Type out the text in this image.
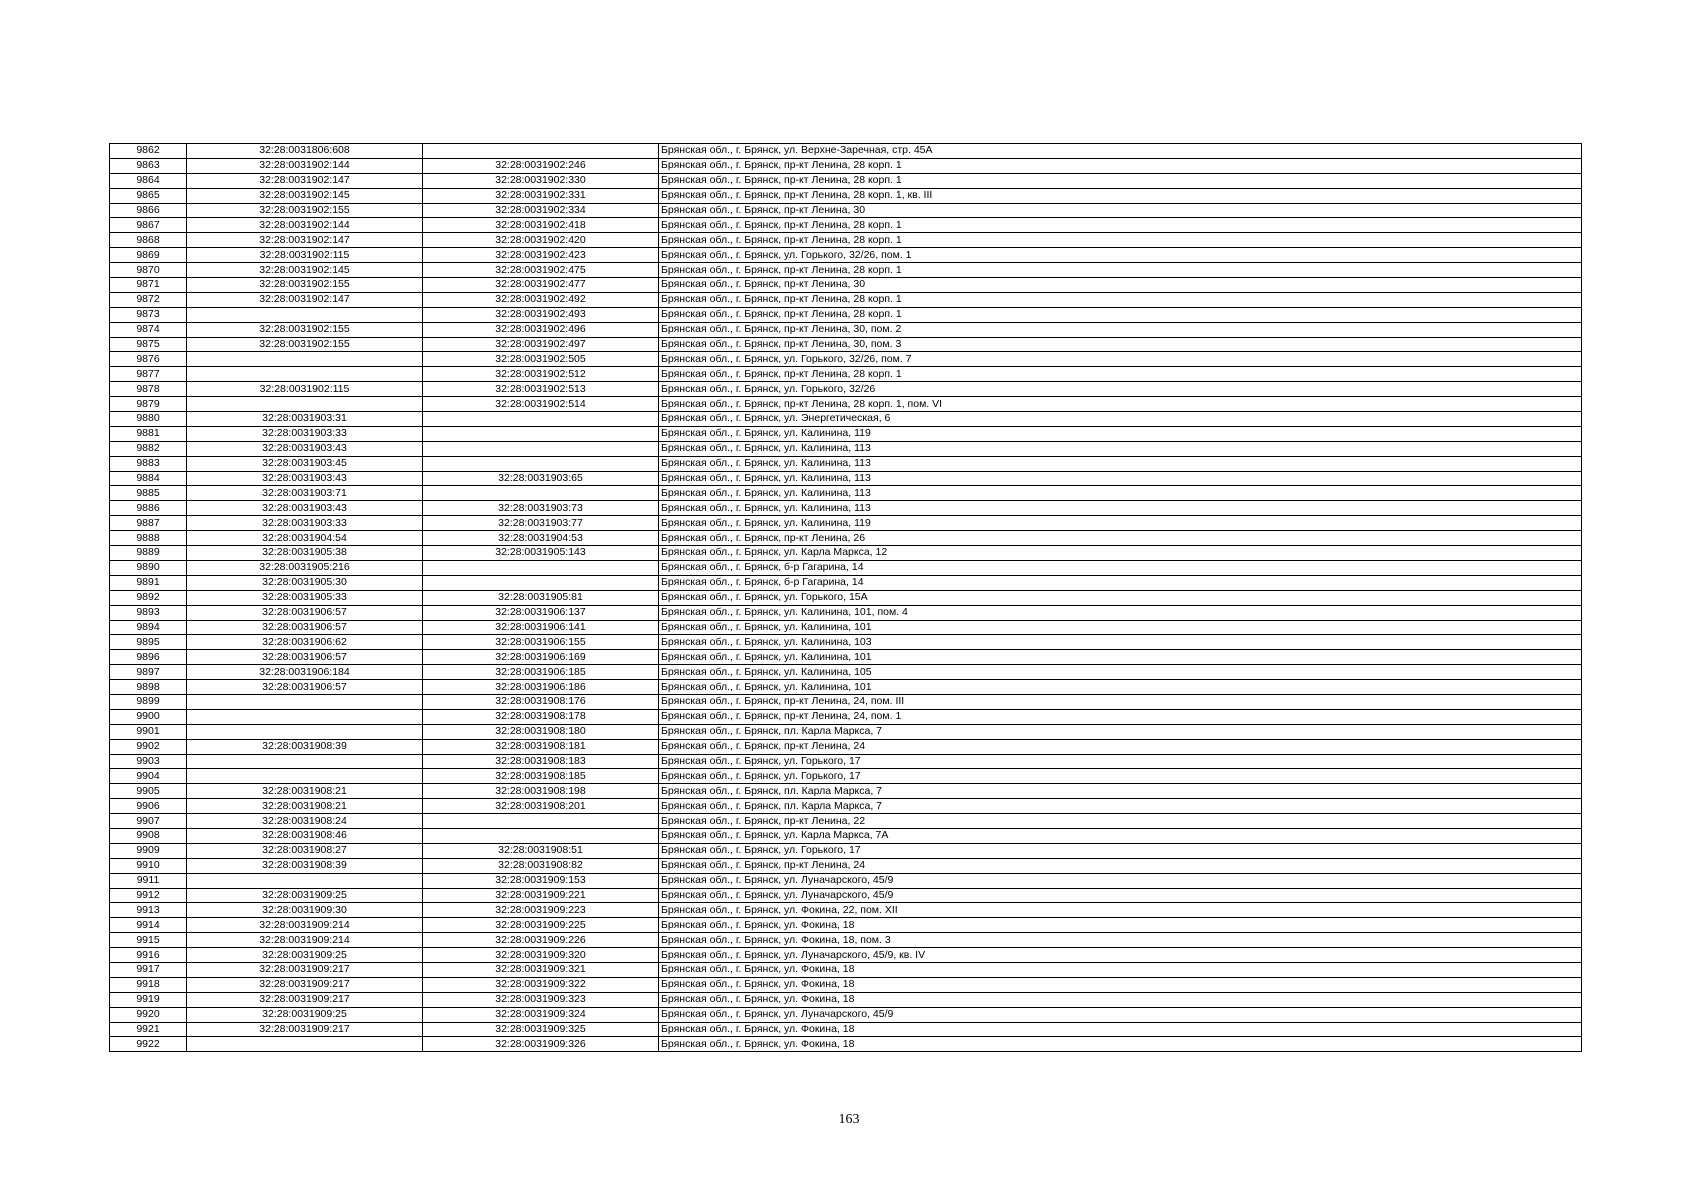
9862	32:28:0031806:608		Брянская обл., г. Брянск, ул. Верхне-Заречная, стр. 45А
9863	32:28:0031902:144	32:28:0031902:246	Брянская обл., г. Брянск, пр-кт Ленина, 28 корп. 1
9864	32:28:0031902:147	32:28:0031902:330	Брянская обл., г. Брянск, пр-кт Ленина, 28 корп. 1
9865	32:28:0031902:145	32:28:0031902:331	Брянская обл., г. Брянск, пр-кт Ленина, 28 корп. 1, кв. III
9866	32:28:0031902:155	32:28:0031902:334	Брянская обл., г. Брянск, пр-кт Ленина, 30
9867	32:28:0031902:144	32:28:0031902:418	Брянская обл., г. Брянск, пр-кт Ленина, 28 корп. 1
9868	32:28:0031902:147	32:28:0031902:420	Брянская обл., г. Брянск, пр-кт Ленина, 28 корп. 1
9869	32:28:0031902:115	32:28:0031902:423	Брянская обл., г. Брянск, ул. Горького, 32/26, пом. 1
9870	32:28:0031902:145	32:28:0031902:475	Брянская обл., г. Брянск, пр-кт Ленина, 28 корп. 1
9871	32:28:0031902:155	32:28:0031902:477	Брянская обл., г. Брянск, пр-кт Ленина, 30
9872	32:28:0031902:147	32:28:0031902:492	Брянская обл., г. Брянск, пр-кт Ленина, 28 корп. 1
9873		32:28:0031902:493	Брянская обл., г. Брянск, пр-кт Ленина, 28 корп. 1
9874	32:28:0031902:155	32:28:0031902:496	Брянская обл., г. Брянск, пр-кт Ленина, 30, пом. 2
9875	32:28:0031902:155	32:28:0031902:497	Брянская обл., г. Брянск, пр-кт Ленина, 30, пом. 3
9876		32:28:0031902:505	Брянская обл., г. Брянск, ул. Горького, 32/26, пом. 7
9877		32:28:0031902:512	Брянская обл., г. Брянск, пр-кт Ленина, 28 корп. 1
9878	32:28:0031902:115	32:28:0031902:513	Брянская обл., г. Брянск, ул. Горького, 32/26
9879		32:28:0031902:514	Брянская обл., г. Брянск, пр-кт Ленина, 28 корп. 1, пом. VI
9880	32:28:0031903:31		Брянская обл., г. Брянск, ул. Энергетическая, 6
9881	32:28:0031903:33		Брянская обл., г. Брянск, ул. Калинина, 119
9882	32:28:0031903:43		Брянская обл., г. Брянск, ул. Калинина, 113
9883	32:28:0031903:45		Брянская обл., г. Брянск, ул. Калинина, 113
9884	32:28:0031903:43	32:28:0031903:65	Брянская обл., г. Брянск, ул. Калинина, 113
9885	32:28:0031903:71		Брянская обл., г. Брянск, ул. Калинина, 113
9886	32:28:0031903:43	32:28:0031903:73	Брянская обл., г. Брянск, ул. Калинина, 113
9887	32:28:0031903:33	32:28:0031903:77	Брянская обл., г. Брянск, ул. Калинина, 119
9888	32:28:0031904:54	32:28:0031904:53	Брянская обл., г. Брянск, пр-кт Ленина, 26
9889	32:28:0031905:38	32:28:0031905:143	Брянская обл., г. Брянск, ул. Карла Маркса, 12
9890	32:28:0031905:216		Брянская обл., г. Брянск, б-р Гагарина, 14
9891	32:28:0031905:30		Брянская обл., г. Брянск, б-р Гагарина, 14
9892	32:28:0031905:33	32:28:0031905:81	Брянская обл., г. Брянск, ул. Горького, 15А
9893	32:28:0031906:57	32:28:0031906:137	Брянская обл., г. Брянск, ул. Калинина, 101, пом. 4
9894	32:28:0031906:57	32:28:0031906:141	Брянская обл., г. Брянск, ул. Калинина, 101
9895	32:28:0031906:62	32:28:0031906:155	Брянская обл., г. Брянск, ул. Калинина, 103
9896	32:28:0031906:57	32:28:0031906:169	Брянская обл., г. Брянск, ул. Калинина, 101
9897	32:28:0031906:184	32:28:0031906:185	Брянская обл., г. Брянск, ул. Калинина, 105
9898	32:28:0031906:57	32:28:0031906:186	Брянская обл., г. Брянск, ул. Калинина, 101
9899		32:28:0031908:176	Брянская обл., г. Брянск, пр-кт Ленина, 24, пом. III
9900		32:28:0031908:178	Брянская обл., г. Брянск, пр-кт Ленина, 24, пом. 1
9901		32:28:0031908:180	Брянская обл., г. Брянск, пл. Карла Маркса, 7
9902	32:28:0031908:39	32:28:0031908:181	Брянская обл., г. Брянск, пр-кт Ленина, 24
9903		32:28:0031908:183	Брянская обл., г. Брянск, ул. Горького, 17
9904		32:28:0031908:185	Брянская обл., г. Брянск, ул. Горького, 17
9905	32:28:0031908:21	32:28:0031908:198	Брянская обл., г. Брянск, пл. Карла Маркса, 7
9906	32:28:0031908:21	32:28:0031908:201	Брянская обл., г. Брянск, пл. Карла Маркса, 7
9907	32:28:0031908:24		Брянская обл., г. Брянск, пр-кт Ленина, 22
9908	32:28:0031908:46		Брянская обл., г. Брянск, ул. Карла Маркса, 7А
9909	32:28:0031908:27	32:28:0031908:51	Брянская обл., г. Брянск, ул. Горького, 17
9910	32:28:0031908:39	32:28:0031908:82	Брянская обл., г. Брянск, пр-кт Ленина, 24
9911		32:28:0031909:153	Брянская обл., г. Брянск, ул. Луначарского, 45/9
9912	32:28:0031909:25	32:28:0031909:221	Брянская обл., г. Брянск, ул. Луначарского, 45/9
9913	32:28:0031909:30	32:28:0031909:223	Брянская обл., г. Брянск, ул. Фокина, 22, пом. XII
9914	32:28:0031909:214	32:28:0031909:225	Брянская обл., г. Брянск, ул. Фокина, 18
9915	32:28:0031909:214	32:28:0031909:226	Брянская обл., г. Брянск, ул. Фокина, 18, пом. 3
9916	32:28:0031909:25	32:28:0031909:320	Брянская обл., г. Брянск, ул. Луначарского, 45/9, кв. IV
9917	32:28:0031909:217	32:28:0031909:321	Брянская обл., г. Брянск, ул. Фокина, 18
9918	32:28:0031909:217	32:28:0031909:322	Брянская обл., г. Брянск, ул. Фокина, 18
9919	32:28:0031909:217	32:28:0031909:323	Брянская обл., г. Брянск, ул. Фокина, 18
9920	32:28:0031909:25	32:28:0031909:324	Брянская обл., г. Брянск, ул. Луначарского, 45/9
9921	32:28:0031909:217	32:28:0031909:325	Брянская обл., г. Брянск, ул. Фокина, 18
9922		32:28:0031909:326	Брянская обл., г. Брянск, ул. Фокина, 18
163
